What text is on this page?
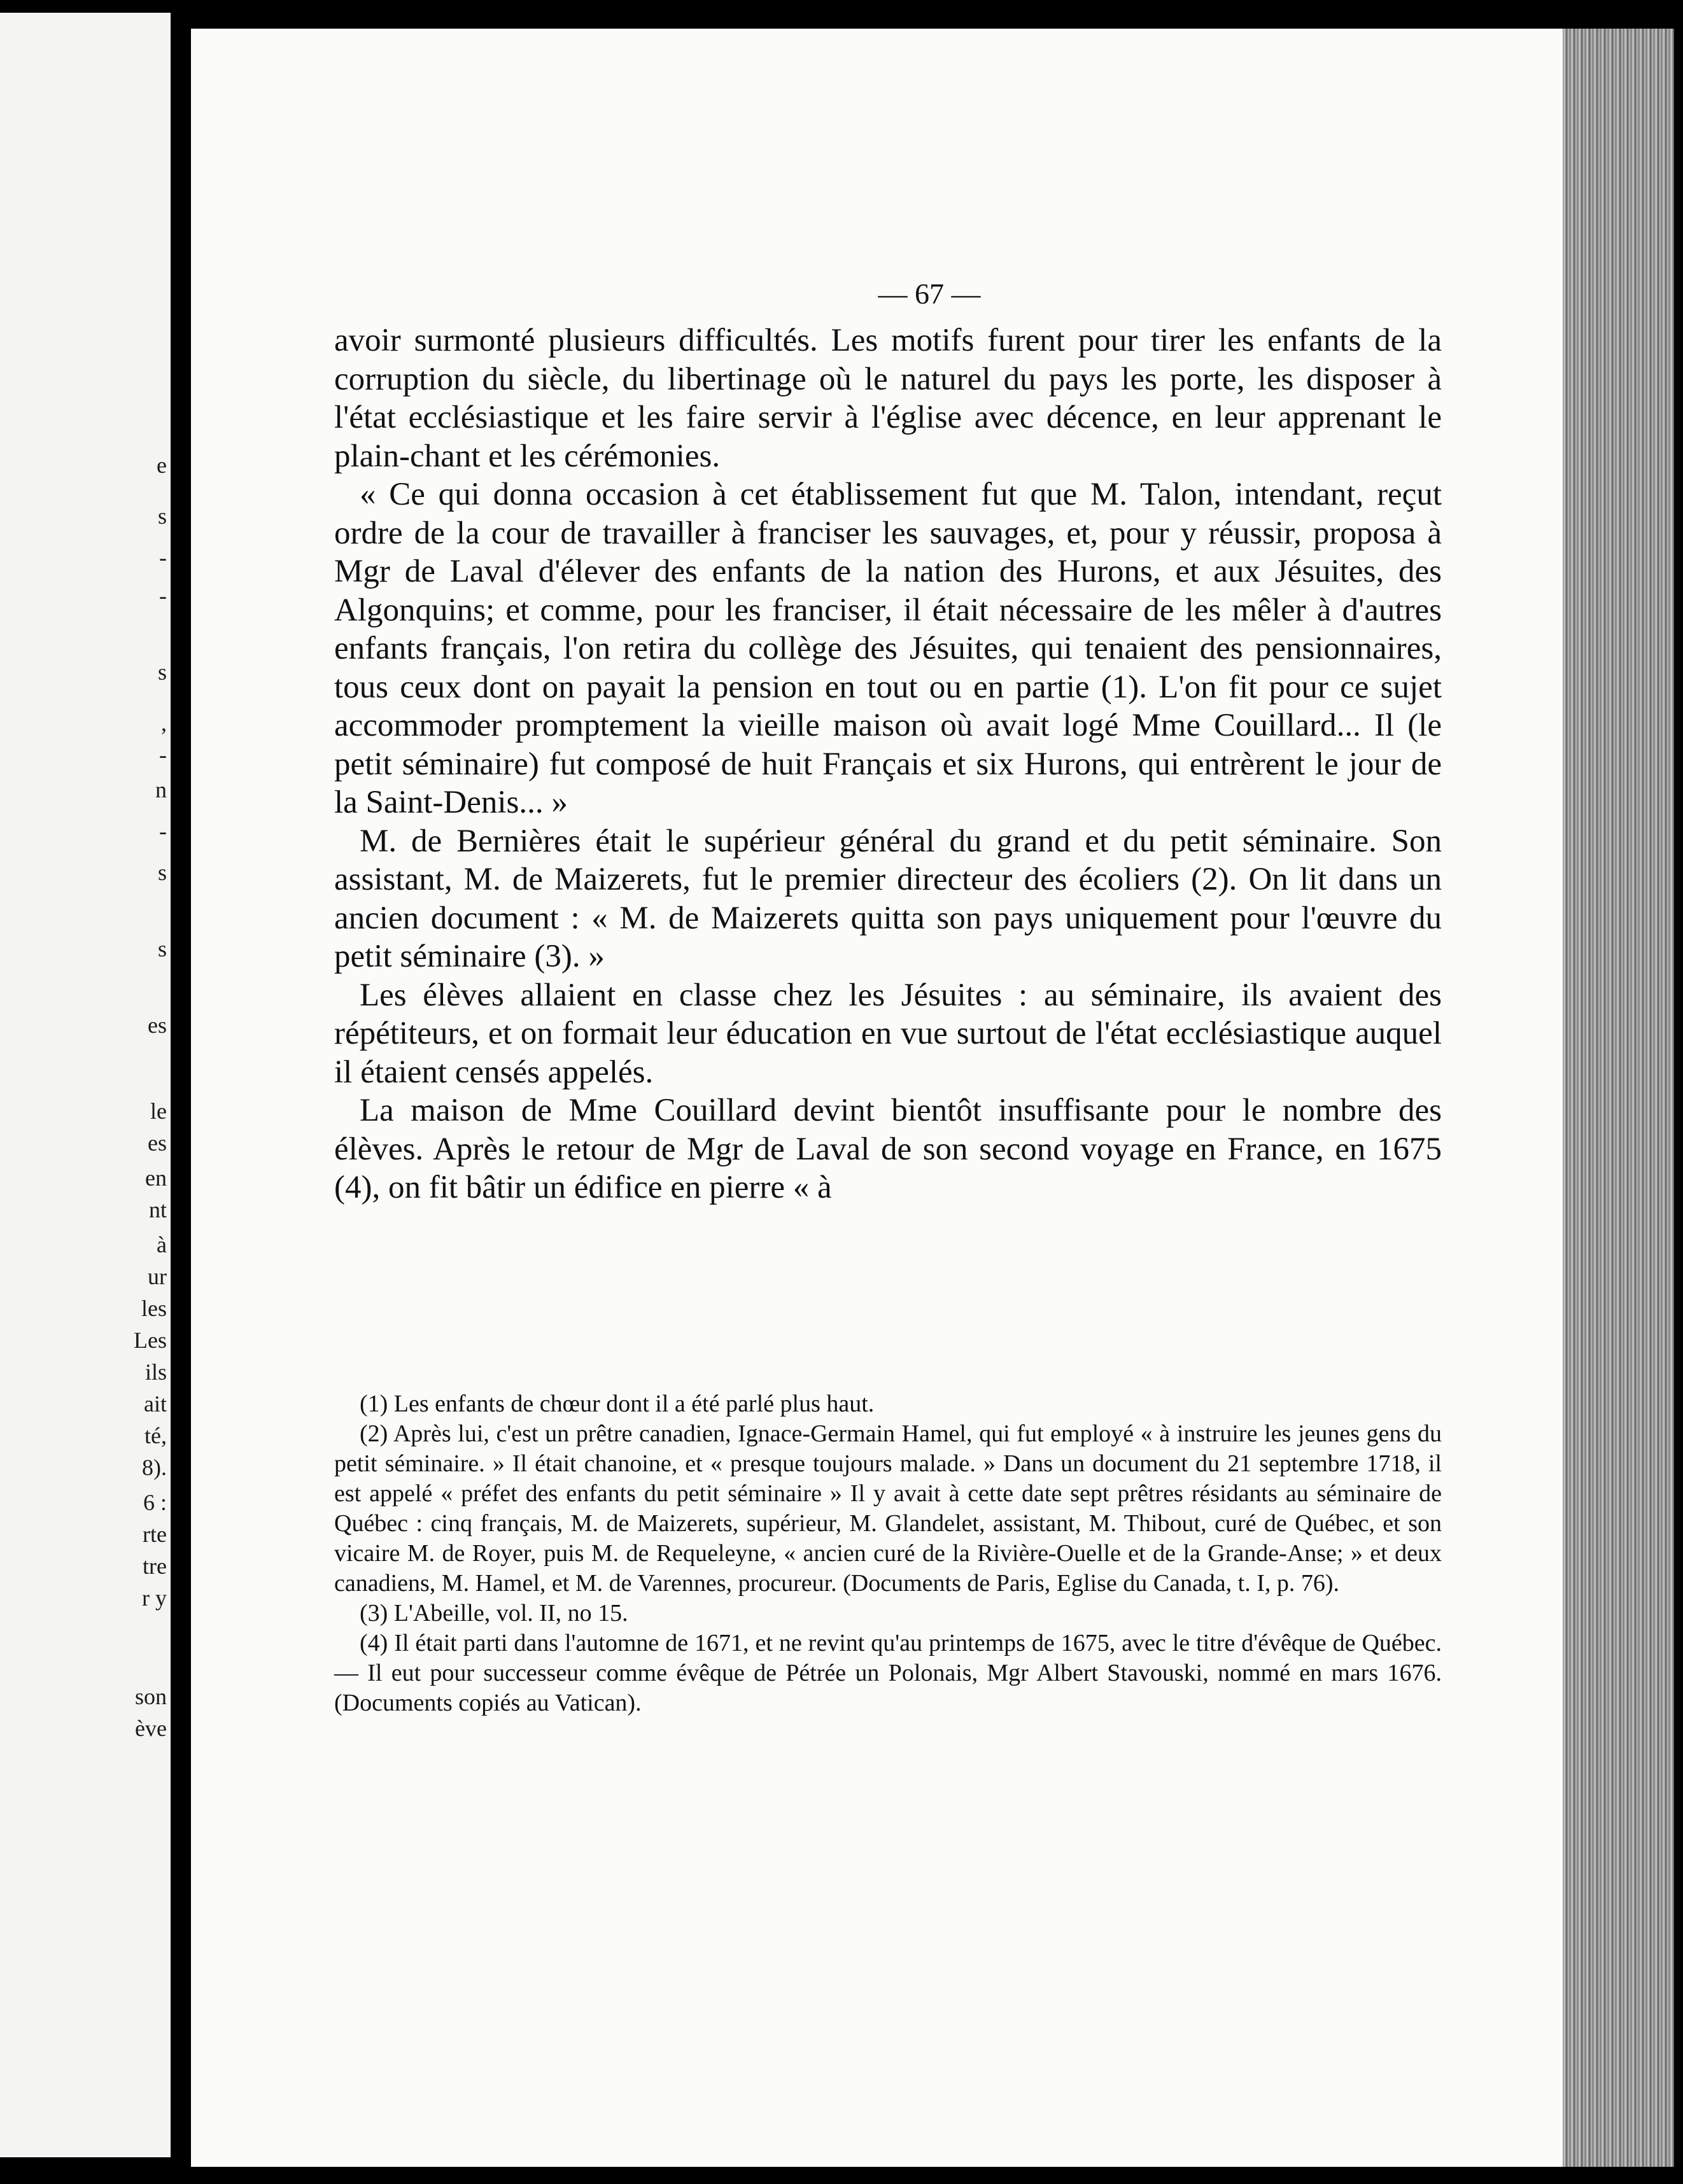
e
s
-
-
s
,
-
n
-
s
s
es
le
es
en
nt
à
ur
les
Les
ils
ait
té,
8).
6 :
rte
tre
r y
son
ève
— 67 —

avoir surmonté plusieurs difficultés. Les motifs furent pour tirer les enfants de la corruption du siècle, du libertinage où le naturel du pays les porte, les disposer à l'état ecclésiastique et les faire servir à l'église avec décence, en leur apprenant le plain-chant et les cérémonies.

« Ce qui donna occasion à cet établissement fut que M. Talon, intendant, reçut ordre de la cour de travailler à franciser les sauvages, et, pour y réussir, proposa à Mgr de Laval d'élever des enfants de la nation des Hurons, et aux Jésuites, des Algonquins; et comme, pour les franciser, il était nécessaire de les mêler à d'autres enfants français, l'on retira du collège des Jésuites, qui tenaient des pensionnaires, tous ceux dont on payait la pension en tout ou en partie (1). L'on fit pour ce sujet accommoder promptement la vieille maison où avait logé Mme Couillard... Il (le petit séminaire) fut composé de huit Français et six Hurons, qui entrèrent le jour de la Saint-Denis... »

M. de Bernières était le supérieur général du grand et du petit séminaire. Son assistant, M. de Maizerets, fut le premier directeur des écoliers (2). On lit dans un ancien document : « M. de Maizerets quitta son pays uniquement pour l'œuvre du petit séminaire (3). »

Les élèves allaient en classe chez les Jésuites : au séminaire, ils avaient des répétiteurs, et on formait leur éducation en vue surtout de l'état ecclésiastique auquel il étaient censés appelés.

La maison de Mme Couillard devint bientôt insuffisante pour le nombre des élèves. Après le retour de Mgr de Laval de son second voyage en France, en 1675 (4), on fit bâtir un édifice en pierre « à

(1) Les enfants de chœur dont il a été parlé plus haut.

(2) Après lui, c'est un prêtre canadien, Ignace-Germain Hamel, qui fut employé « à instruire les jeunes gens du petit séminaire. » Il était chanoine, et « presque toujours malade. » Dans un document du 21 septembre 1718, il est appelé « préfet des enfants du petit séminaire » Il y avait à cette date sept prêtres résidants au séminaire de Québec : cinq français, M. de Maizerets, supérieur, M. Glandelet, assistant, M. Thibout, curé de Québec, et son vicaire M. de Royer, puis M. de Requeleyne, « ancien curé de la Rivière-Ouelle et de la Grande-Anse; » et deux canadiens, M. Hamel, et M. de Varennes, procureur. (Documents de Paris, Eglise du Canada, t. I, p. 76).

(3) L'Abeille, vol. II, no 15.

(4) Il était parti dans l'automne de 1671, et ne revint qu'au printemps de 1675, avec le titre d'évêque de Québec. — Il eut pour successeur comme évêque de Pétrée un Polonais, Mgr Albert Stavouski, nommé en mars 1676. (Documents copiés au Vatican).
